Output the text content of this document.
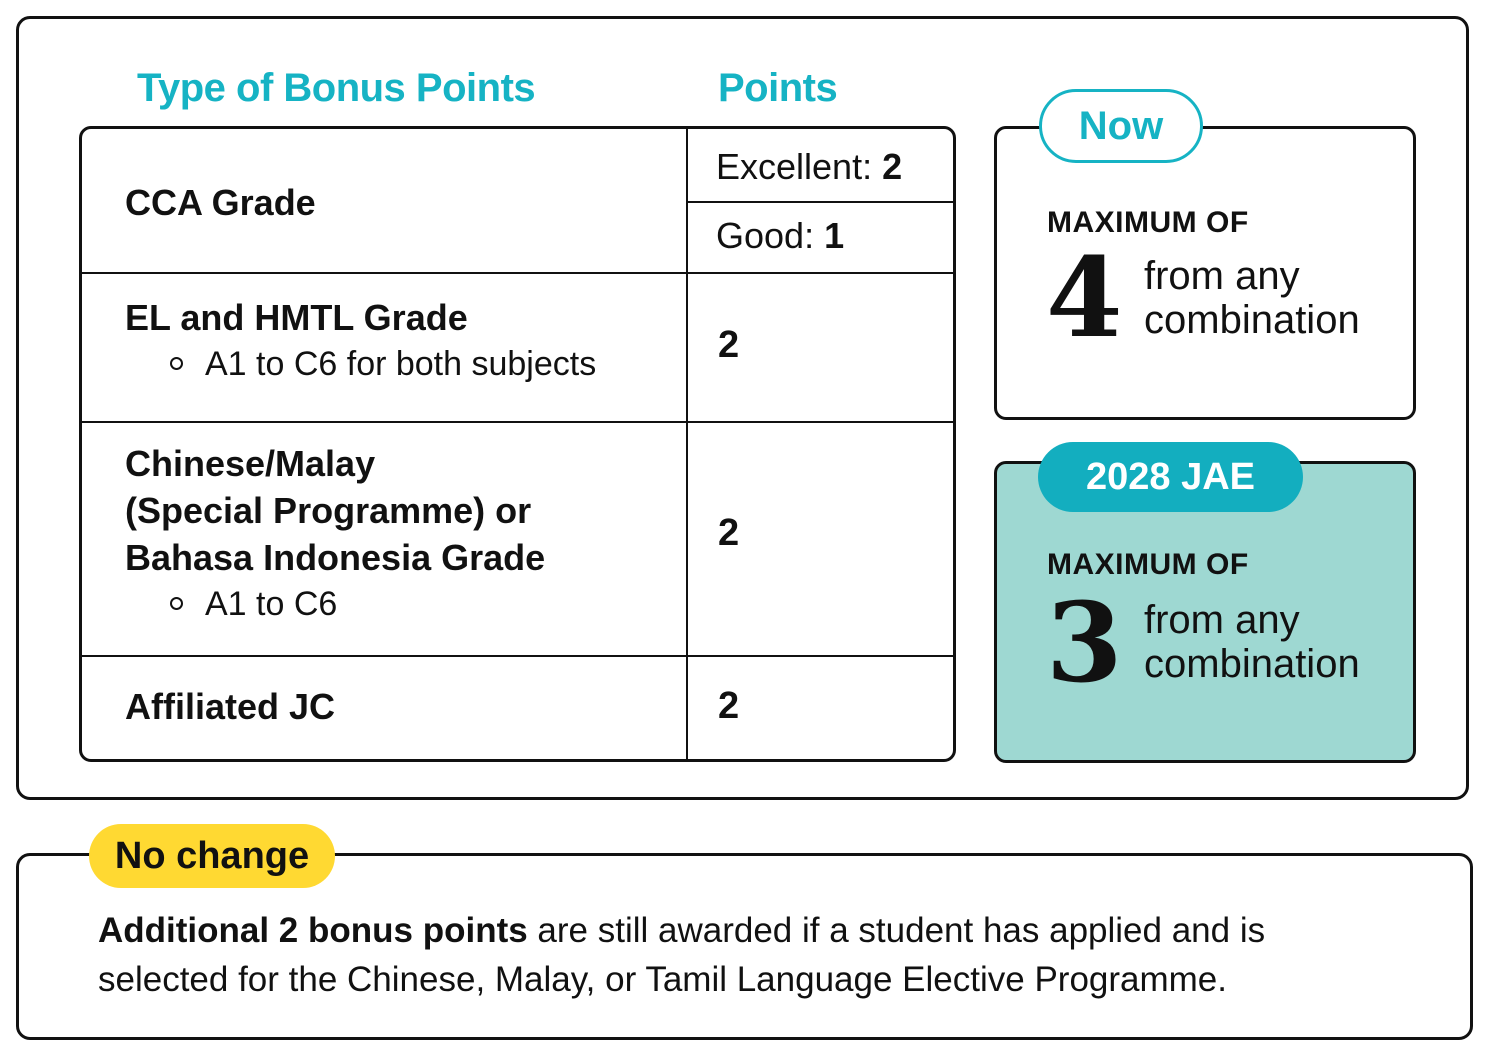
Type of Bonus Points	Points
CCA Grade
Excellent: 2
Good: 1
EL and HMTL Grade
A1 to C6 for both subjects	2
Chinese/Malay
(Special Programme) or
Bahasa Indonesia Grade
A1 to C6
2
Affiliated JC	2
Now
MAXIMUM OF
4 from any
combination
2028 JAE
MAXIMUM OF
3 from any
combination
No change
Additional 2 bonus points are still awarded if a student has applied and is
selected for the Chinese, Malay, or Tamil Language Elective Programme.
